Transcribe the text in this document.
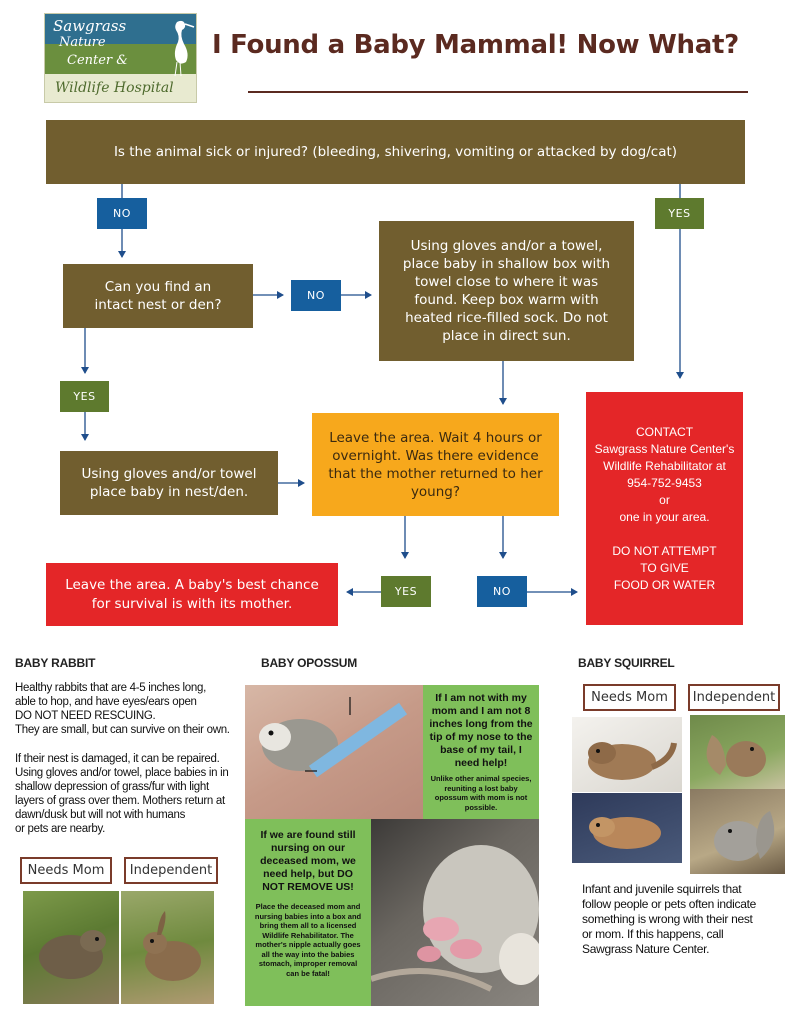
Sawgrass
Nature
Center &
Wildlife Hospital
I Found a Baby Mammal! Now What?
Is the animal sick or injured? (bleeding, shivering, vomiting or attacked by dog/cat)
NO	YES
Can you find an intact nest or den?
NO
Using gloves and/or a towel, place baby in shallow box with towel close to where it was found. Keep box warm with heated rice-filled sock. Do not place in direct sun.
YES
Using gloves and/or towel place baby in nest/den.
Leave the area. Wait 4 hours or overnight. Was there evidence that the mother returned to her young?
CONTACT
Sawgrass Nature Center's
Wildlife Rehabilitator at
954-752-9453
or
one in your area.
DO NOT ATTEMPT
TO GIVE
FOOD OR WATER
Leave the area. A baby's best chance for survival is with its mother.
YES	NO
BABY RABBIT
Healthy rabbits that are 4-5 inches long,
able to hop, and have eyes/ears open
DO NOT NEED RESCUING.
They are small, but can survive on their own.
If their nest is damaged, it can be repaired.
Using gloves and/or towel, place babies in in
shallow depression of grass/fur with light
layers of grass over them. Mothers return at
dawn/dusk but will not with humans
or pets are nearby.
Needs Mom	Independent
BABY OPOSSUM
If I am not with my mom and I am not 8 inches long from the tip of my nose to the base of my tail, I need help!
Unlike other animal species, reuniting a lost baby opossum with mom is not possible.
If we are found still nursing on our deceased mom, we need help, but DO NOT REMOVE US!
Place the deceased mom and nursing babies into a box and bring them all to a licensed Wildlife Rehabilitator. The mother's nipple actually goes all the way into the babies stomach, improper removal can be fatal!
BABY SQUIRREL
Needs Mom	Independent
Infant and juvenile squirrels that
follow people or pets often indicate
something is wrong with their nest
or mom. If this happens, call
Sawgrass Nature Center.
